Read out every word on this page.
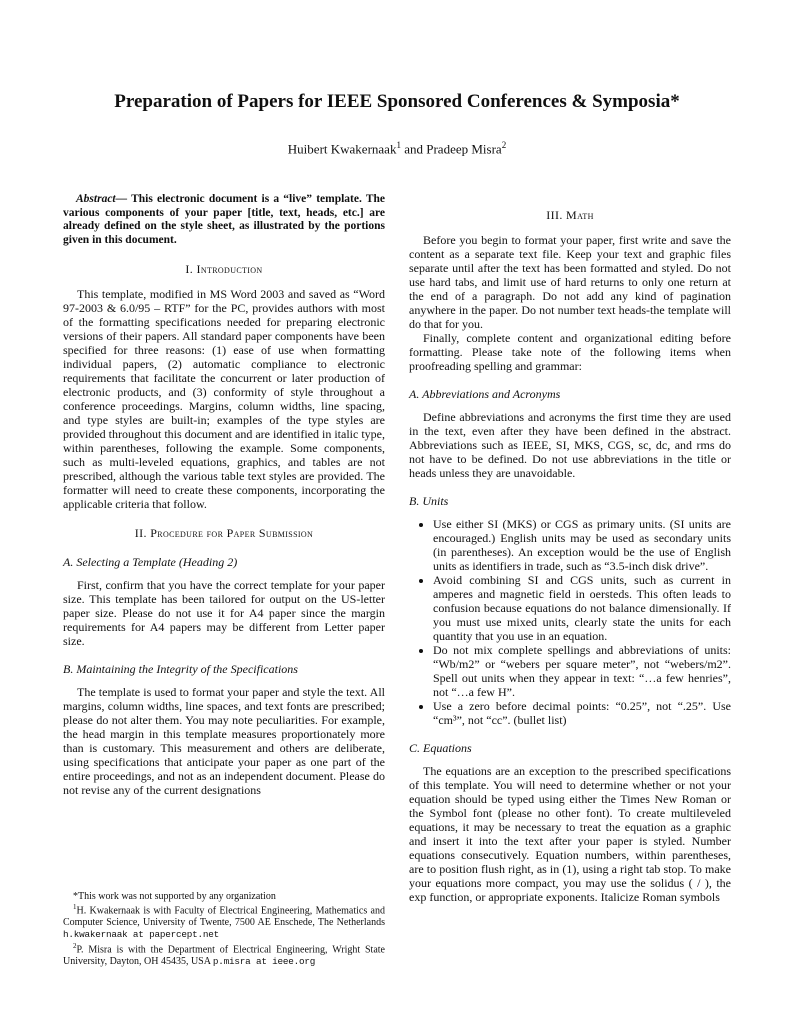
Preparation of Papers for IEEE Sponsored Conferences & Symposia*
Huibert Kwakernaak$^1$ and Pradeep Misra$^2$

Abstract— This electronic document is a “live” template. The various components of your paper [title, text, heads, etc.] are already defined on the style sheet, as illustrated by the portions given in this document.

I. Introduction

This template, modified in MS Word 2003 and saved as “Word 97-2003 & 6.0/95 – RTF” for the PC, provides authors with most of the formatting specifications needed for preparing electronic versions of their papers. All standard paper components have been specified for three reasons: (1) ease of use when formatting individual papers, (2) automatic compliance to electronic requirements that facilitate the concurrent or later production of electronic products, and (3) conformity of style throughout a conference proceedings. Margins, column widths, line spacing, and type styles are built-in; examples of the type styles are provided throughout this document and are identified in italic type, within parentheses, following the example. Some components, such as multi-leveled equations, graphics, and tables are not prescribed, although the various table text styles are provided. The formatter will need to create these components, incorporating the applicable criteria that follow.

II. Procedure for Paper Submission
A. Selecting a Template (Heading 2)

First, confirm that you have the correct template for your paper size. This template has been tailored for output on the US-letter paper size. Please do not use it for A4 paper since the margin requirements for A4 papers may be different from Letter paper size.

B. Maintaining the Integrity of the Specifications

The template is used to format your paper and style the text. All margins, column widths, line spaces, and text fonts are prescribed; please do not alter them. You may note peculiarities. For example, the head margin in this template measures proportionately more than is customary. This measurement and others are deliberate, using specifications that anticipate your paper as one part of the entire proceedings, and not as an independent document. Please do not revise any of the current designations

III. Math

Before you begin to format your paper, first write and save the content as a separate text file. Keep your text and graphic files separate until after the text has been formatted and styled. Do not use hard tabs, and limit use of hard returns to only one return at the end of a paragraph. Do not add any kind of pagination anywhere in the paper. Do not number text heads-the template will do that for you.

Finally, complete content and organizational editing before formatting. Please take note of the following items when proofreading spelling and grammar:

A. Abbreviations and Acronyms

Define abbreviations and acronyms the first time they are used in the text, even after they have been defined in the abstract. Abbreviations such as IEEE, SI, MKS, CGS, sc, dc, and rms do not have to be defined. Do not use abbreviations in the title or heads unless they are unavoidable.

B. Units
• Use either SI (MKS) or CGS as primary units. (SI units are encouraged.) English units may be used as secondary units (in parentheses). An exception would be the use of English units as identifiers in trade, such as “3.5-inch disk drive”.
• Avoid combining SI and CGS units, such as current in amperes and magnetic field in oersteds. This often leads to confusion because equations do not balance dimensionally. If you must use mixed units, clearly state the units for each quantity that you use in an equation.
• Do not mix complete spellings and abbreviations of units: “Wb/m2” or “webers per square meter”, not “webers/m2”. Spell out units when they appear in text: “…a few henries”, not “…a few H”.
• Use a zero before decimal points: “0.25”, not “.25”. Use “cm³”, not “cc”. (bullet list)
C. Equations

The equations are an exception to the prescribed specifications of this template. You will need to determine whether or not your equation should be typed using either the Times New Roman or the Symbol font (please no other font). To create multileveled equations, it may be necessary to treat the equation as a graphic and insert it into the text after your paper is styled. Number equations consecutively. Equation numbers, within parentheses, are to position flush right, as in (1), using a right tab stop. To make your equations more compact, you may use the solidus ( / ), the exp function, or appropriate exponents. Italicize Roman symbols

*This work was not supported by any organization

$^1$H. Kwakernaak is with Faculty of Electrical Engineering, Mathematics and Computer Science, University of Twente, 7500 AE Enschede, The Netherlands h.kwakernaak at papercept.net

$^2$P. Misra is with the Department of Electrical Engineering, Wright State University, Dayton, OH 45435, USA p.misra at ieee.org
